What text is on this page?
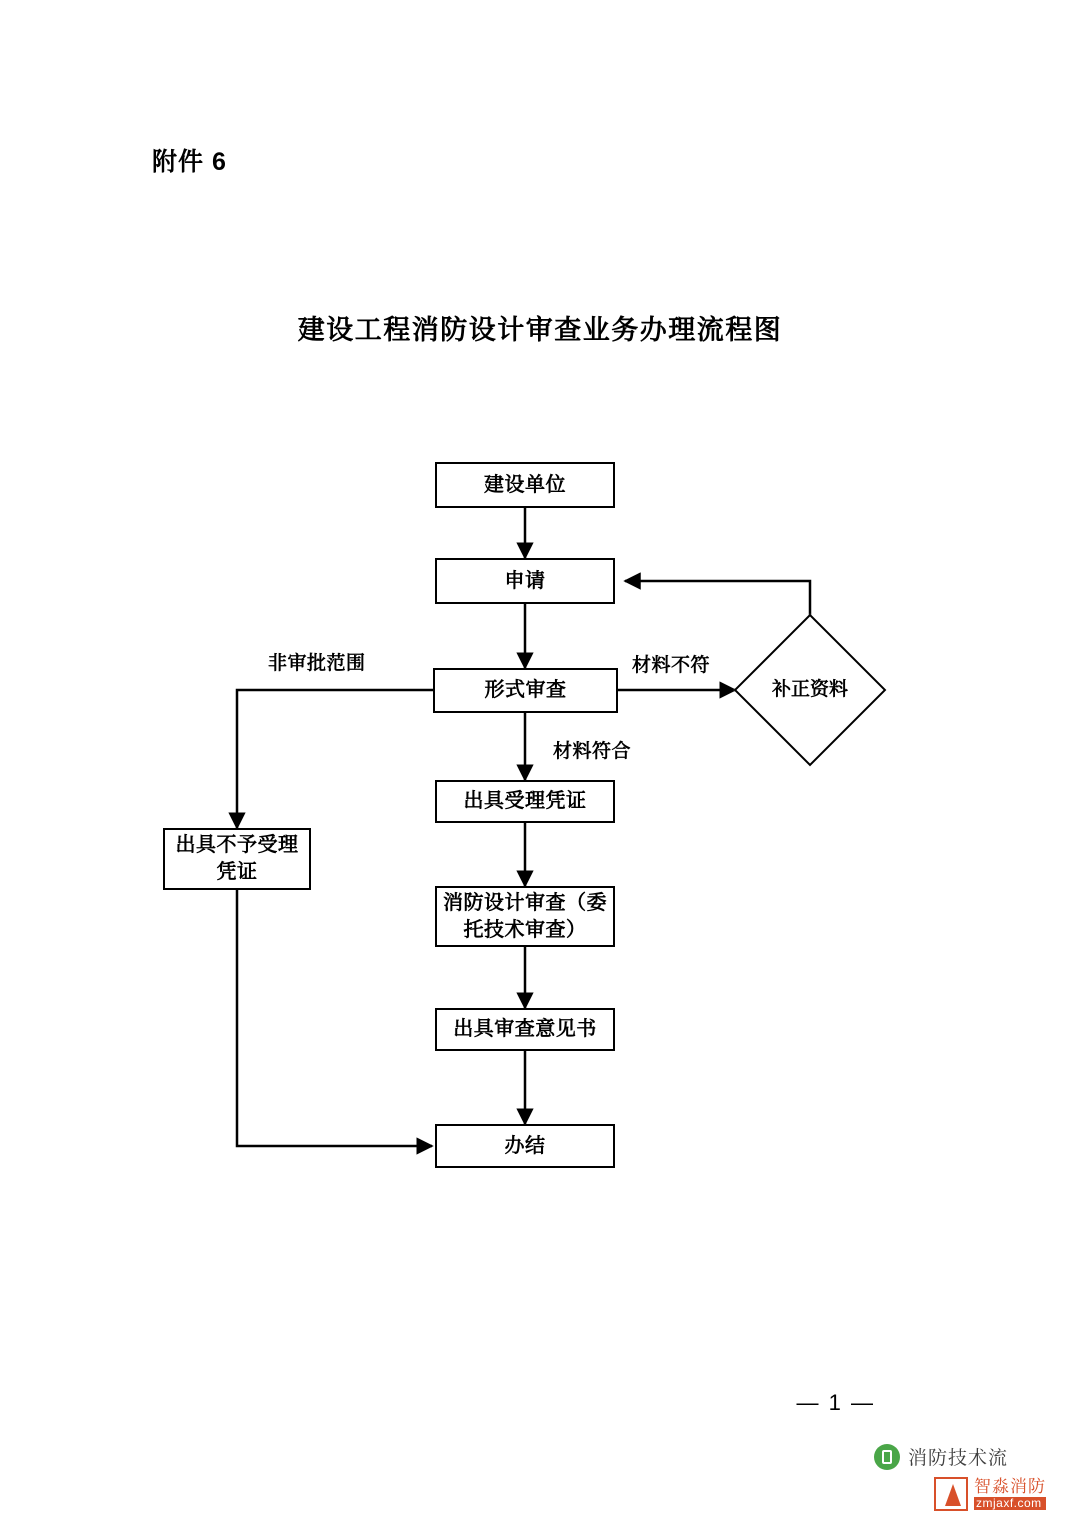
附件 6
建设工程消防设计审查业务办理流程图
建设单位
申请
形式审查	补正资料
出具不予受理凭证
出具受理凭证
消防设计审查（委托技术审查）
出具审查意见书
办结
非审批范围	材料不符
材料符合
— 1 —
消防技术流
智淼消防
zmjaxf.com
